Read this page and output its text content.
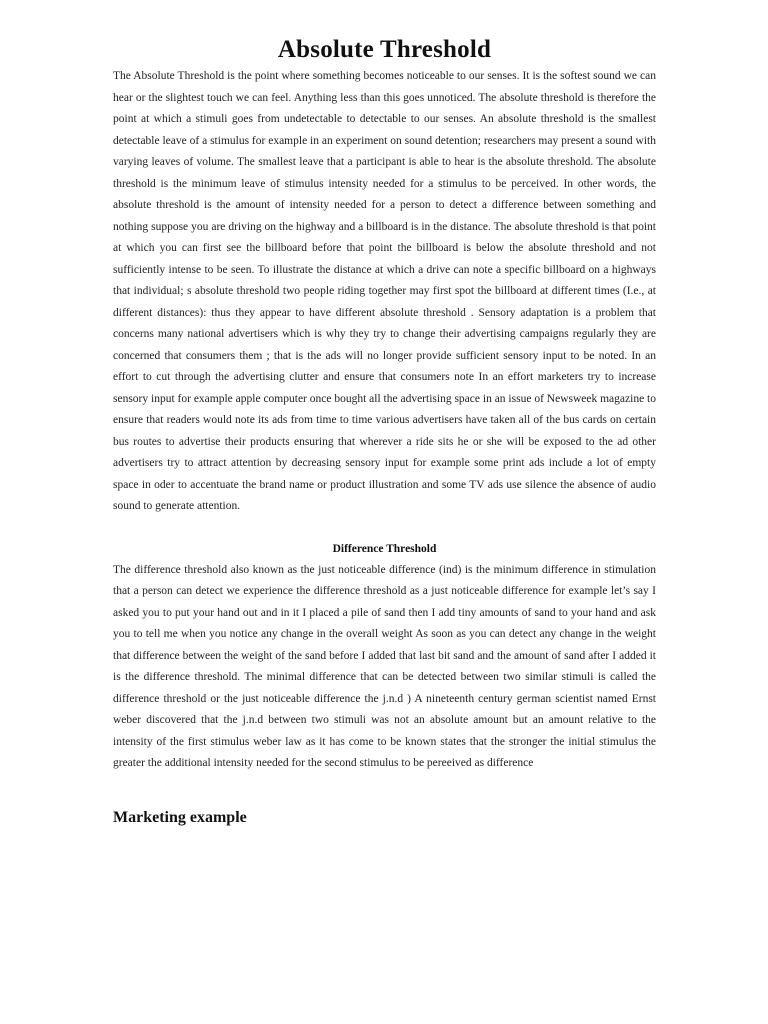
Absolute Threshold

The Absolute Threshold is the point where something becomes noticeable to our senses. It is the softest sound we can hear or the slightest touch we can feel. Anything less than this goes unnoticed. The absolute threshold is therefore the point at which a stimuli goes from undetectable to detectable to our senses. An absolute threshold is the smallest detectable leave of a stimulus for example in an experiment on sound detention; researchers may present a sound with varying leaves of volume. The smallest leave that a participant is able to hear is the absolute threshold. The absolute threshold is the minimum leave of stimulus intensity needed for a stimulus to be perceived. In other words, the absolute threshold is the amount of intensity needed for a person to detect a difference between something and nothing suppose you are driving on the highway and a billboard is in the distance. The absolute threshold is that point at which you can first see the billboard before that point the billboard is below the absolute threshold and not sufficiently intense to be seen. To illustrate the distance at which a drive can note a specific billboard on a highways that individual; s absolute threshold two people riding together may first spot the billboard at different times (I.e., at different distances): thus they appear to have different absolute threshold . Sensory adaptation is a problem that concerns many national advertisers which is why they try to change their advertising campaigns regularly they are concerned that consumers them ; that is the ads will no longer provide sufficient sensory input to be noted. In an effort to cut through the advertising clutter and ensure that consumers note In an effort marketers try to increase sensory input for example apple computer once bought all the advertising space in an issue of Newsweek magazine to ensure that readers would note its ads from time to time various advertisers have taken all of the bus cards on certain bus routes to advertise their products ensuring that wherever a ride sits he or she will be exposed to the ad other advertisers try to attract attention by decreasing sensory input for example some print ads include a lot of empty space in oder to accentuate the brand name or product illustration and some TV ads use silence the absence of audio sound to generate attention.

Difference Threshold

The difference threshold also known as the just noticeable difference (ind) is the minimum difference in stimulation that a person can detect we experience the difference threshold as a just noticeable difference for example let’s say I asked you to put your hand out and in it I placed a pile of sand then I add tiny amounts of sand to your hand and ask you to tell me when you notice any change in the overall weight As soon as you can detect any change in the weight that difference between the weight of the sand before I added that last bit sand and the amount of sand after I added it is the difference threshold. The minimal difference that can be detected between two similar stimuli is called the difference threshold or the just noticeable difference the j.n.d ) A nineteenth century german scientist named Ernst weber discovered that the j.n.d between two stimuli was not an absolute amount but an amount relative to the intensity of the first stimulus weber law as it has come to be known states that the stronger the initial stimulus the greater the additional intensity needed for the second stimulus to be pereeived as difference

Marketing example
